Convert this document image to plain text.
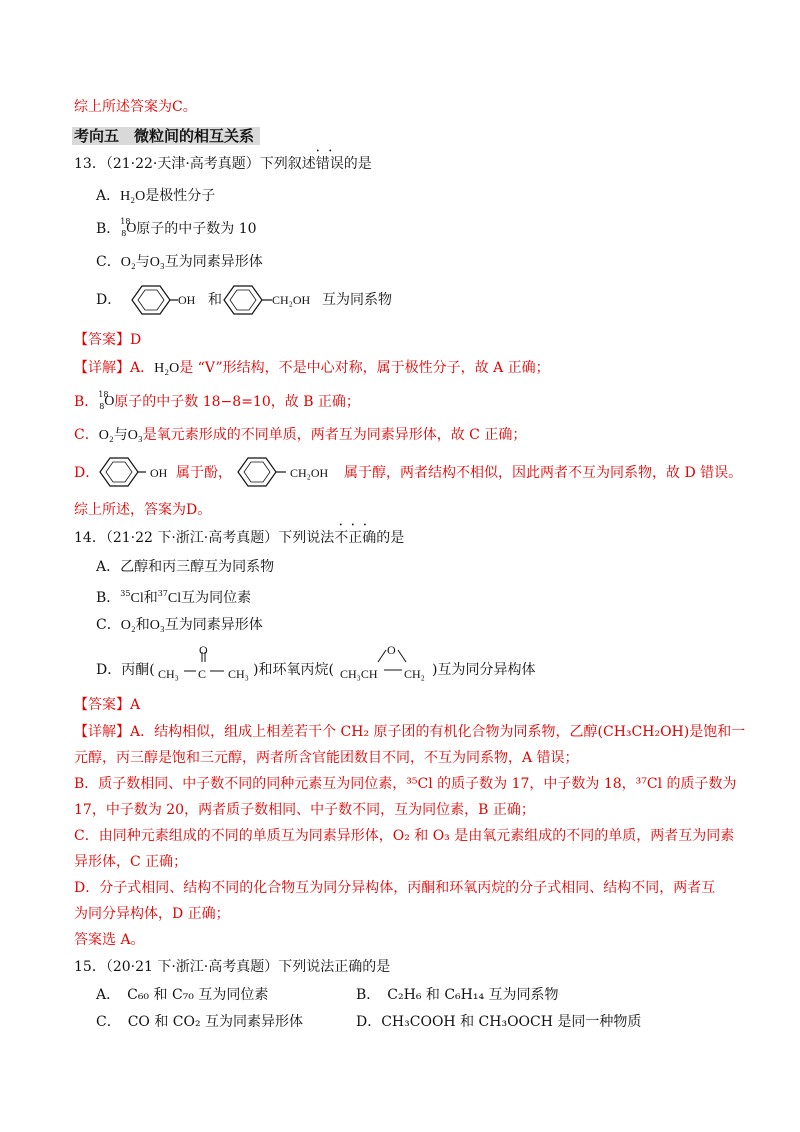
综上所述答案为C。
考向五　微粒间的相互关系
13．（21·22·天津·高考真题）下列叙述错误的是
••
A．H₂O是极性分子
B． 18
8 O 原子的中子数为 10
C．O₂与O₃互为同素异形体
D．	OH 和	CH₂OH 互为同系物
【答案】D
【详解】A．H₂O是 “V”形结构，不是中心对称，属于极性分子，故 A 正确；
B． 18
8 O 原子的中子数 18−8=10，故 B 正确；
C．O₂与O₃是氧元素形成的不同单质，两者互为同素异形体，故 C 正确；
D．	OH 属于酚，	CH₂OH 属于醇，两者结构不相似，因此两者不互为同系物，故 D 错误。
综上所述，答案为D。
14．（21·22 下·浙江·高考真题）下列说法不正确的是
•••
A．乙醇和丙三醇互为同系物
B．$^{35}$Cl和$^{37}$Cl互为同位素
C．O₂和O₃互为同素异形体
D．丙酮( CH₃ C
O
CH₃ )和环氧丙烷( CH₃CH
O
CH₂ )互为同分异构体
【答案】A
【详解】A．结构相似，组成上相差若干个 CH₂ 原子团的有机化合物为同系物，乙醇(CH₃CH₂OH)是饱和一
元醇，丙三醇是饱和三元醇，两者所含官能团数目不同，不互为同系物，A 错误；
B．质子数相同、中子数不同的同种元素互为同位素，³⁵Cl 的质子数为 17，中子数为 18，³⁷Cl 的质子数为
17，中子数为 20，两者质子数相同、中子数不同，互为同位素，B 正确；
C．由同种元素组成的不同的单质互为同素异形体，O₂ 和 O₃ 是由氧元素组成的不同的单质，两者互为同素
异形体，C 正确；
D．分子式相同、结构不同的化合物互为同分异构体，丙酮和环氧丙烷的分子式相同、结构不同，两者互
为同分异构体，D 正确；
答案选 A。
15．（20·21 下·浙江·高考真题）下列说法正确的是
A．　C₆₀ 和 C₇₀ 互为同位素	B．　C₂H₆ 和 C₆H₁₄ 互为同系物
C．　CO 和 CO₂ 互为同素异形体	D．CH₃COOH 和 CH₃OOCH 是同一种物质
